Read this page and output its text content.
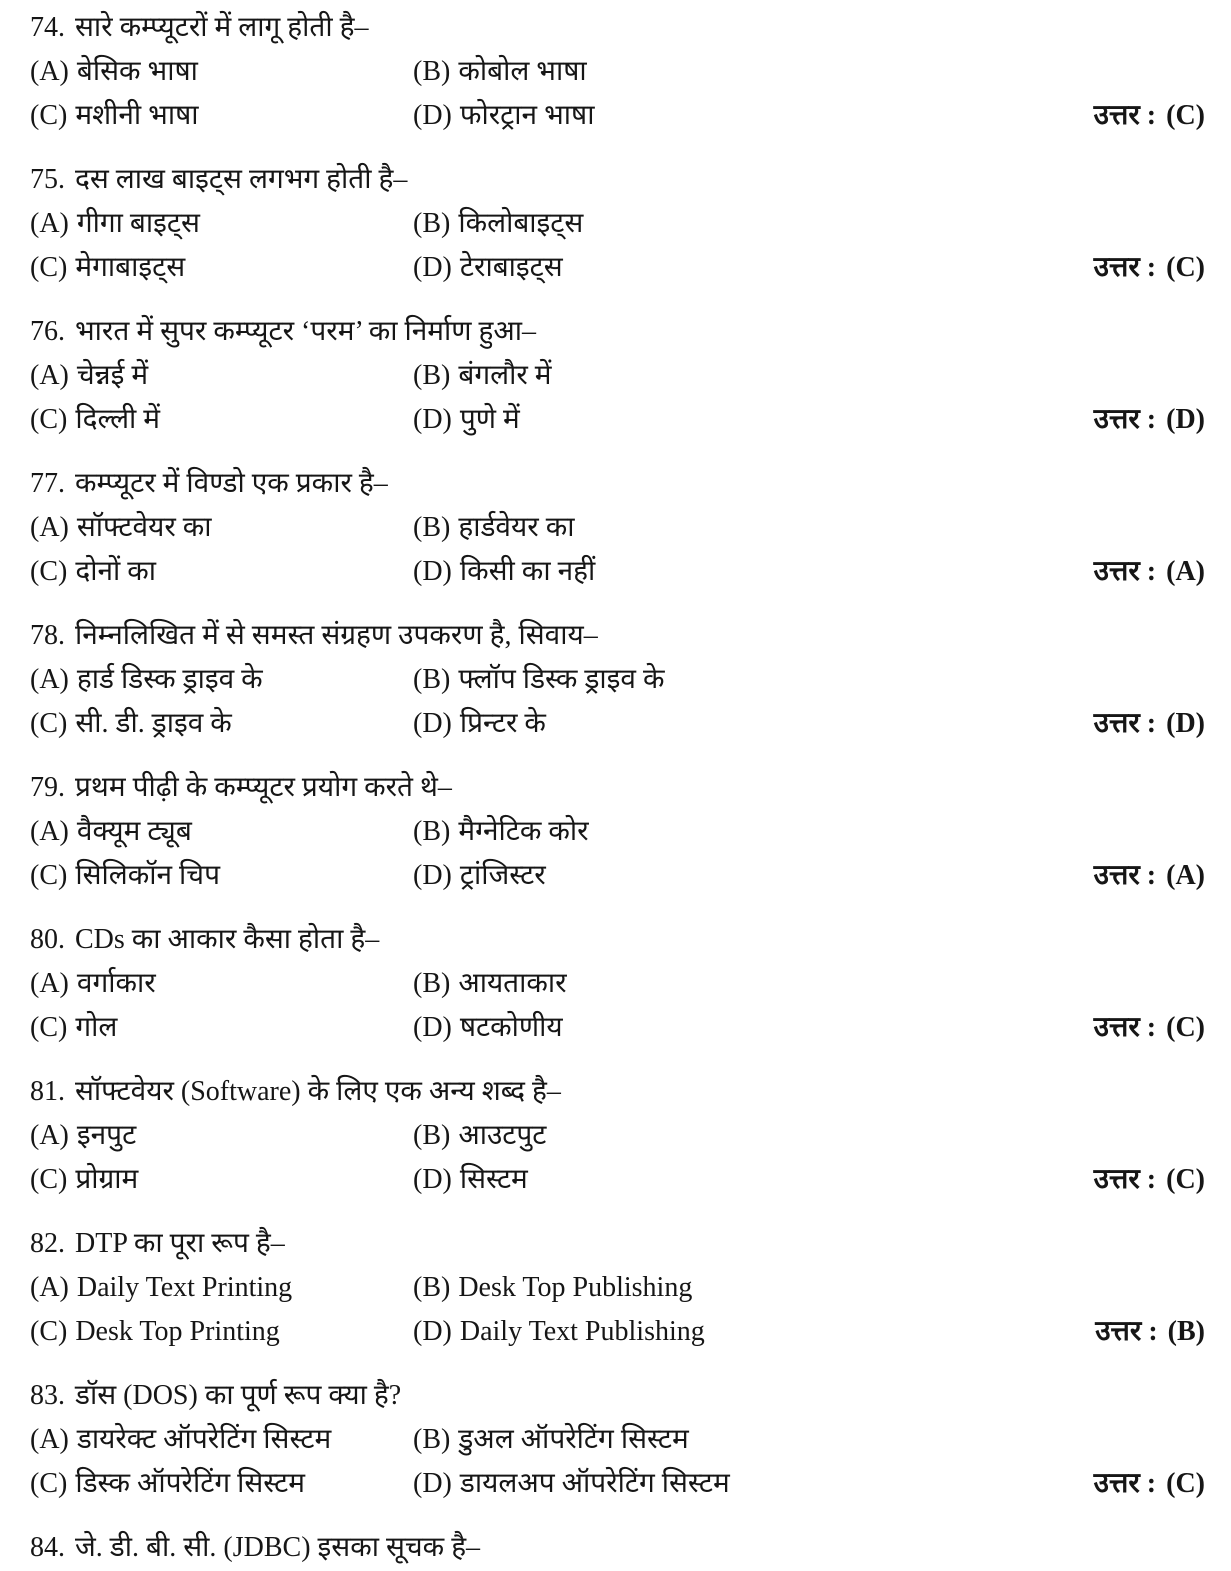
74. सारे कम्प्यूटरों में लागू होती है–
(A) बेसिक भाषा	(B) कोबोल भाषा
(C) मशीनी भाषा	(D) फोरट्रान भाषा	उत्तर : (C)
75. दस लाख बाइट्स लगभग होती है–
(A) गीगा बाइट्स	(B) किलोबाइट्स
(C) मेगाबाइट्स	(D) टेराबाइट्स	उत्तर : (C)
76. भारत में सुपर कम्प्यूटर ‘परम’ का निर्माण हुआ–
(A) चेन्नई में	(B) बंगलौर में
(C) दिल्ली में	(D) पुणे में	उत्तर : (D)
77. कम्प्यूटर में विण्डो एक प्रकार है–
(A) सॉफ्टवेयर का	(B) हार्डवेयर का
(C) दोनों का	(D) किसी का नहीं	उत्तर : (A)
78. निम्नलिखित में से समस्त संग्रहण उपकरण है, सिवाय–
(A) हार्ड डिस्क ड्राइव के	(B) फ्लॉप डिस्क ड्राइव के
(C) सी. डी. ड्राइव के	(D) प्रिन्टर के	उत्तर : (D)
79. प्रथम पीढ़ी के कम्प्यूटर प्रयोग करते थे–
(A) वैक्यूम ट्यूब	(B) मैग्नेटिक कोर
(C) सिलिकॉन चिप	(D) ट्रांजिस्टर	उत्तर : (A)
80. CDs का आकार कैसा होता है–
(A) वर्गाकार	(B) आयताकार
(C) गोल	(D) षटकोणीय	उत्तर : (C)
81. सॉफ्टवेयर (Software) के लिए एक अन्य शब्द है–
(A) इनपुट	(B) आउटपुट
(C) प्रोग्राम	(D) सिस्टम	उत्तर : (C)
82. DTP का पूरा रूप है–
(A) Daily Text Printing	(B) Desk Top Publishing
(C) Desk Top Printing	(D) Daily Text Publishing	उत्तर : (B)
83. डॉस (DOS) का पूर्ण रूप क्या है?
(A) डायरेक्ट ऑपरेटिंग सिस्टम	(B) डुअल ऑपरेटिंग सिस्टम
(C) डिस्क ऑपरेटिंग सिस्टम	(D) डायलअप ऑपरेटिंग सिस्टम	उत्तर : (C)
84. जे. डी. बी. सी. (JDBC) इसका सूचक है–
